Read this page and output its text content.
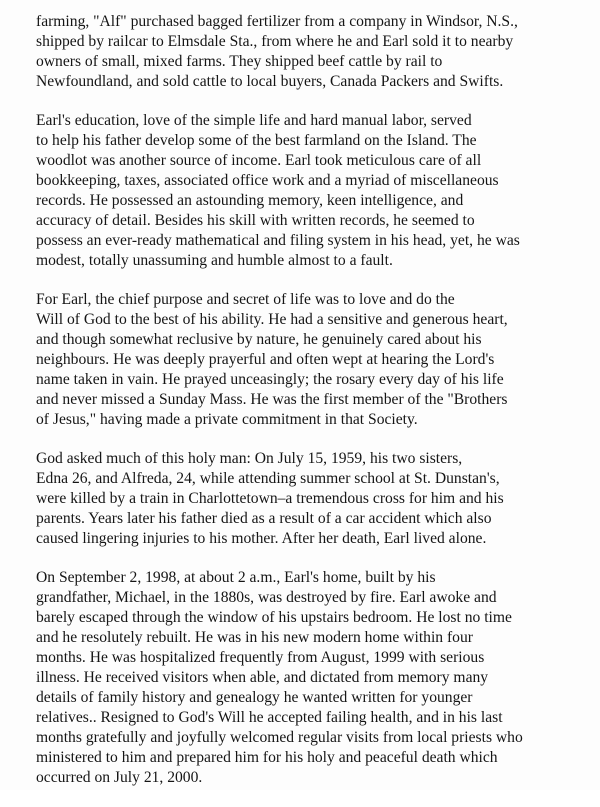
farming, "Alf" purchased bagged fertilizer from a company in Windsor, N.S.,
shipped by railcar to Elmsdale Sta., from where he and Earl sold it to nearby
owners of small, mixed farms. They shipped beef cattle by rail to
Newfoundland, and sold cattle to local buyers, Canada Packers and Swifts.

Earl's education, love of the simple life and hard manual labor, served
to help his father develop some of the best farmland on the Island. The
woodlot was another source of income. Earl took meticulous care of all
bookkeeping, taxes, associated office work and a myriad of miscellaneous
records. He possessed an astounding memory, keen intelligence, and
accuracy of detail. Besides his skill with written records, he seemed to
possess an ever-ready mathematical and filing system in his head, yet, he was
modest, totally unassuming and humble almost to a fault.

For Earl, the chief purpose and secret of life was to love and do the
Will of God to the best of his ability. He had a sensitive and generous heart,
and though somewhat reclusive by nature, he genuinely cared about his
neighbours. He was deeply prayerful and often wept at hearing the Lord's
name taken in vain. He prayed unceasingly; the rosary every day of his life
and never missed a Sunday Mass. He was the first member of the "Brothers
of Jesus," having made a private commitment in that Society.

God asked much of this holy man: On July 15, 1959, his two sisters,
Edna 26, and Alfreda, 24, while attending summer school at St. Dunstan's,
were killed by a train in Charlottetown–a tremendous cross for him and his
parents. Years later his father died as a result of a car accident which also
caused lingering injuries to his mother. After her death, Earl lived alone.

On September 2, 1998, at about 2 a.m., Earl's home, built by his
grandfather, Michael, in the 1880s, was destroyed by fire. Earl awoke and
barely escaped through the window of his upstairs bedroom. He lost no time
and he resolutely rebuilt. He was in his new modern home within four
months. He was hospitalized frequently from August, 1999 with serious
illness. He received visitors when able, and dictated from memory many
details of family history and genealogy he wanted written for younger
relatives.. Resigned to God's Will he accepted failing health, and in his last
months gratefully and joyfully welcomed regular visits from local priests who
ministered to him and prepared him for his holy and peaceful death which
occurred on July 21, 2000.
